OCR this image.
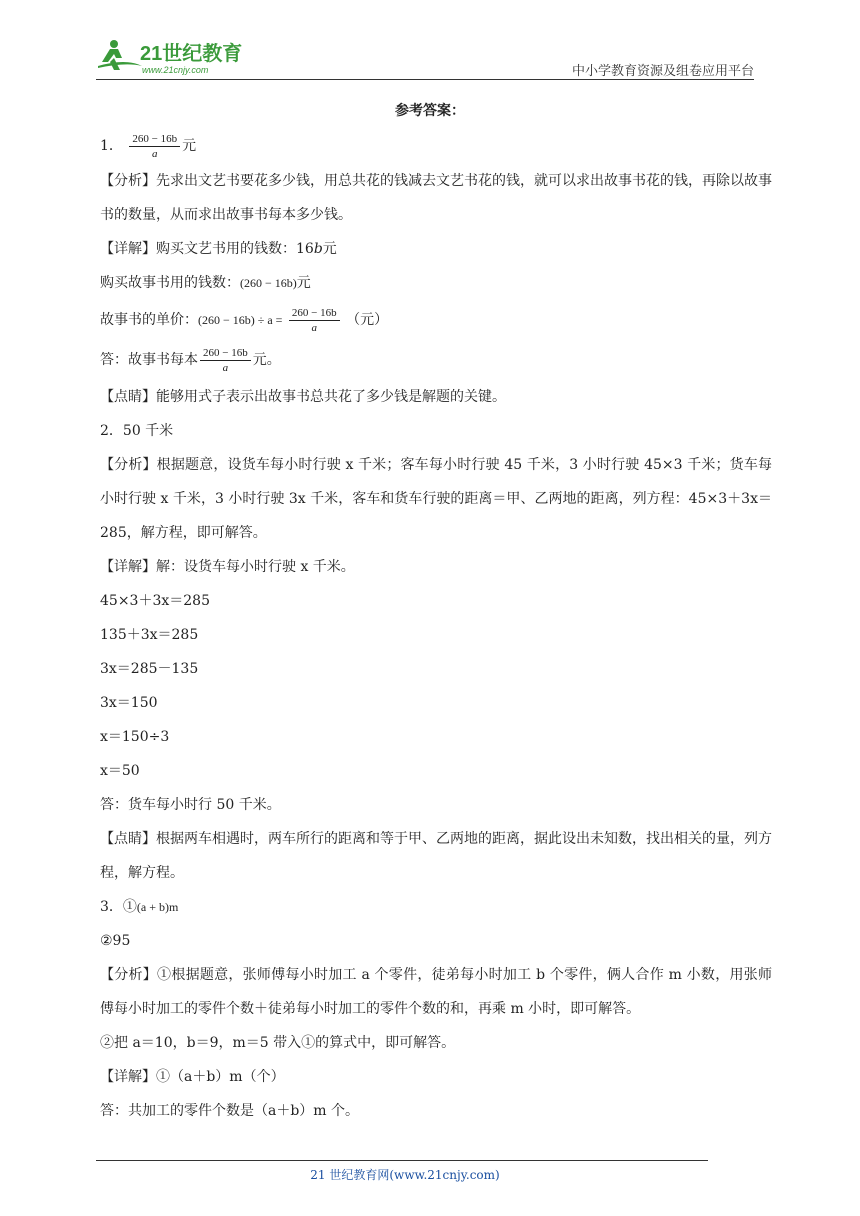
21世纪教育
www.21cnjy.com	中小学教育资源及组卷应用平台
参考答案：
1． $\frac{260 - 16b}{a}$ 元
【分析】先求出文艺书要花多少钱，用总共花的钱减去文艺书花的钱，就可以求出故事书花的钱，再除以故事书的数量，从而求出故事书每本多少钱。
【详解】购买文艺书用的钱数：16b元
购买故事书用的钱数：(260 − 16b)元
故事书的单价：$(260 - 16b) \div a = \frac{260 - 16b}{a}$ （元）
答：故事书每本 $\frac{260 - 16b}{a}$ 元。
【点睛】能够用式子表示出故事书总共花了多少钱是解题的关键。
2．50 千米
【分析】根据题意，设货车每小时行驶 x 千米；客车每小时行驶 45 千米，3 小时行驶 45×3 千米；货车每小时行驶 x 千米，3 小时行驶 3x 千米，客车和货车行驶的距离＝甲、乙两地的距离，列方程：45×3＋3x＝285，解方程，即可解答。
【详解】解：设货车每小时行驶 x 千米。
45×3＋3x＝285
135＋3x＝285
3x＝285－135
3x＝150
x＝150÷3
x＝50
答：货车每小时行 50 千米。
【点睛】根据两车相遇时，两车所行的距离和等于甲、乙两地的距离，据此设出未知数，找出相关的量，列方程，解方程。
3．①(a + b)m
②95
【分析】①根据题意，张师傅每小时加工 a 个零件，徒弟每小时加工 b 个零件，俩人合作 m 小数，用张师傅每小时加工的零件个数＋徒弟每小时加工的零件个数的和，再乘 m 小时，即可解答。
②把 a＝10，b＝9，m＝5 带入①的算式中，即可解答。
【详解】①（a＋b）m（个）
答：共加工的零件个数是（a＋b）m 个。
21 世纪教育网(www.21cnjy.com)
